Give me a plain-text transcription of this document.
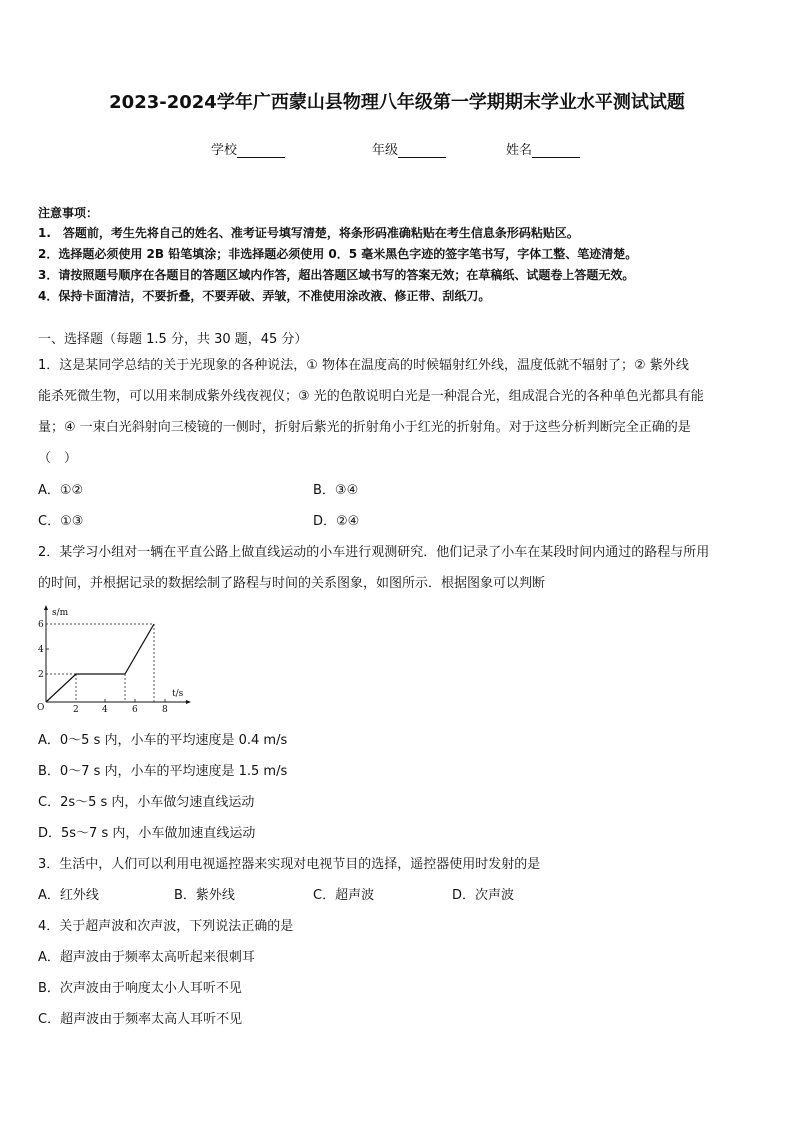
2023-2024学年广西蒙山县物理八年级第一学期期末学业水平测试试题
学校	年级	姓名
注意事项：
1.　答题前，考生先将自己的姓名、准考证号填写清楚，将条形码准确粘贴在考生信息条形码粘贴区。
2．选择题必须使用 2B 铅笔填涂；非选择题必须使用 0．5 毫米黑色字迹的签字笔书写，字体工整、笔迹清楚。
3．请按照题号顺序在各题目的答题区域内作答，超出答题区域书写的答案无效；在草稿纸、试题卷上答题无效。
4．保持卡面清洁，不要折叠，不要弄破、弄皱，不准使用涂改液、修正带、刮纸刀。
一、选择题（每题 1.5 分，共 30 题，45 分）
1．这是某同学总结的关于光现象的各种说法，① 物体在温度高的时候辐射红外线，温度低就不辐射了；② 紫外线
能杀死微生物，可以用来制成紫外线夜视仪；③ 光的色散说明白光是一种混合光，组成混合光的各种单色光都具有能
量；④ 一束白光斜射向三棱镜的一侧时，折射后紫光的折射角小于红光的折射角。对于这些分析判断完全正确的是
（　）
A．①②	B．③④
C．①③	D．②④
2．某学习小组对一辆在平直公路上做直线运动的小车进行观测研究．他们记录了小车在某段时间内通过的路程与所用
的时间，并根据记录的数据绘制了路程与时间的关系图象，如图所示．根据图象可以判断
s/m
t/s
O
2
4
6
2	4	6	8
A．0～5 s 内，小车的平均速度是 0.4 m/s
B．0～7 s 内，小车的平均速度是 1.5 m/s
C．2s～5 s 内，小车做匀速直线运动
D．5s～7 s 内，小车做加速直线运动
3．生活中，人们可以利用电视遥控器来实现对电视节目的选择，遥控器使用时发射的是
A．红外线	B．紫外线	C．超声波	D．次声波
4．关于超声波和次声波，下列说法正确的是
A．超声波由于频率太高听起来很刺耳
B．次声波由于响度太小人耳听不见
C．超声波由于频率太高人耳听不见
